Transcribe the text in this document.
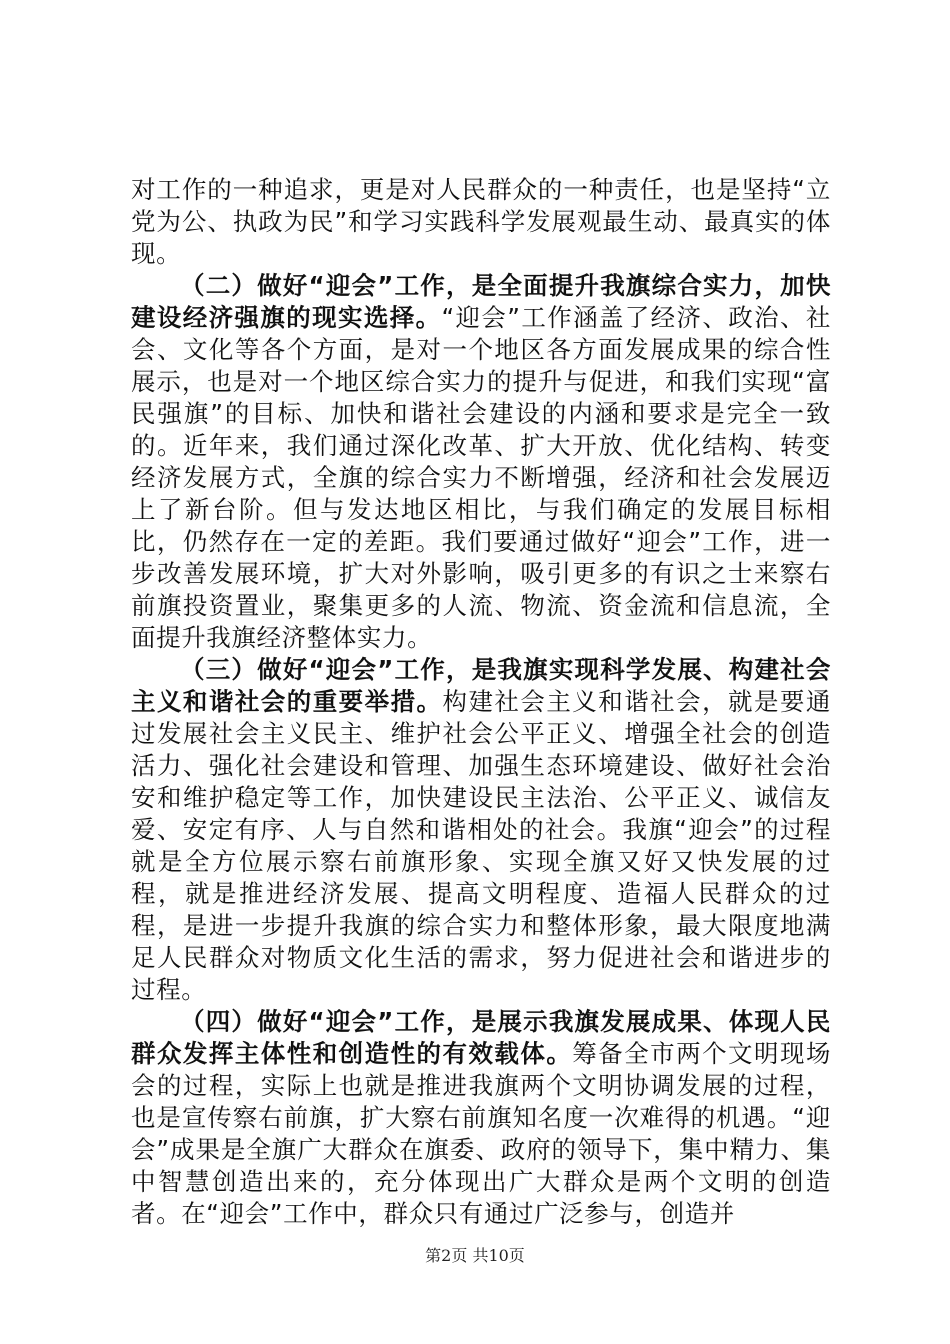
对工作的一种追求，更是对人民群众的一种责任，也是坚持“立党为公、执政为民”和学习实践科学发展观最生动、最真实的体现。

（二）做好“迎会”工作，是全面提升我旗综合实力，加快建设经济强旗的现实选择。“迎会”工作涵盖了经济、政治、社会、文化等各个方面，是对一个地区各方面发展成果的综合性展示，也是对一个地区综合实力的提升与促进，和我们实现“富民强旗”的目标、加快和谐社会建设的内涵和要求是完全一致的。近年来，我们通过深化改革、扩大开放、优化结构、转变经济发展方式，全旗的综合实力不断增强，经济和社会发展迈上了新台阶。但与发达地区相比，与我们确定的发展目标相比，仍然存在一定的差距。我们要通过做好“迎会”工作，进一步改善发展环境，扩大对外影响，吸引更多的有识之士来察右前旗投资置业，聚集更多的人流、物流、资金流和信息流，全面提升我旗经济整体实力。

（三）做好“迎会”工作，是我旗实现科学发展、构建社会主义和谐社会的重要举措。构建社会主义和谐社会，就是要通过发展社会主义民主、维护社会公平正义、增强全社会的创造活力、强化社会建设和管理、加强生态环境建设、做好社会治安和维护稳定等工作，加快建设民主法治、公平正义、诚信友爱、安定有序、人与自然和谐相处的社会。我旗“迎会”的过程就是全方位展示察右前旗形象、实现全旗又好又快发展的过程，就是推进经济发展、提高文明程度、造福人民群众的过程，是进一步提升我旗的综合实力和整体形象，最大限度地满足人民群众对物质文化生活的需求，努力促进社会和谐进步的过程。

（四）做好“迎会”工作，是展示我旗发展成果、体现人民群众发挥主体性和创造性的有效载体。筹备全市两个文明现场会的过程，实际上也就是推进我旗两个文明协调发展的过程，也是宣传察右前旗，扩大察右前旗知名度一次难得的机遇。“迎会”成果是全旗广大群众在旗委、政府的领导下，集中精力、集中智慧创造出来的，充分体现出广大群众是两个文明的创造者。在“迎会”工作中，群众只有通过广泛参与，创造并

第2页 共10页
